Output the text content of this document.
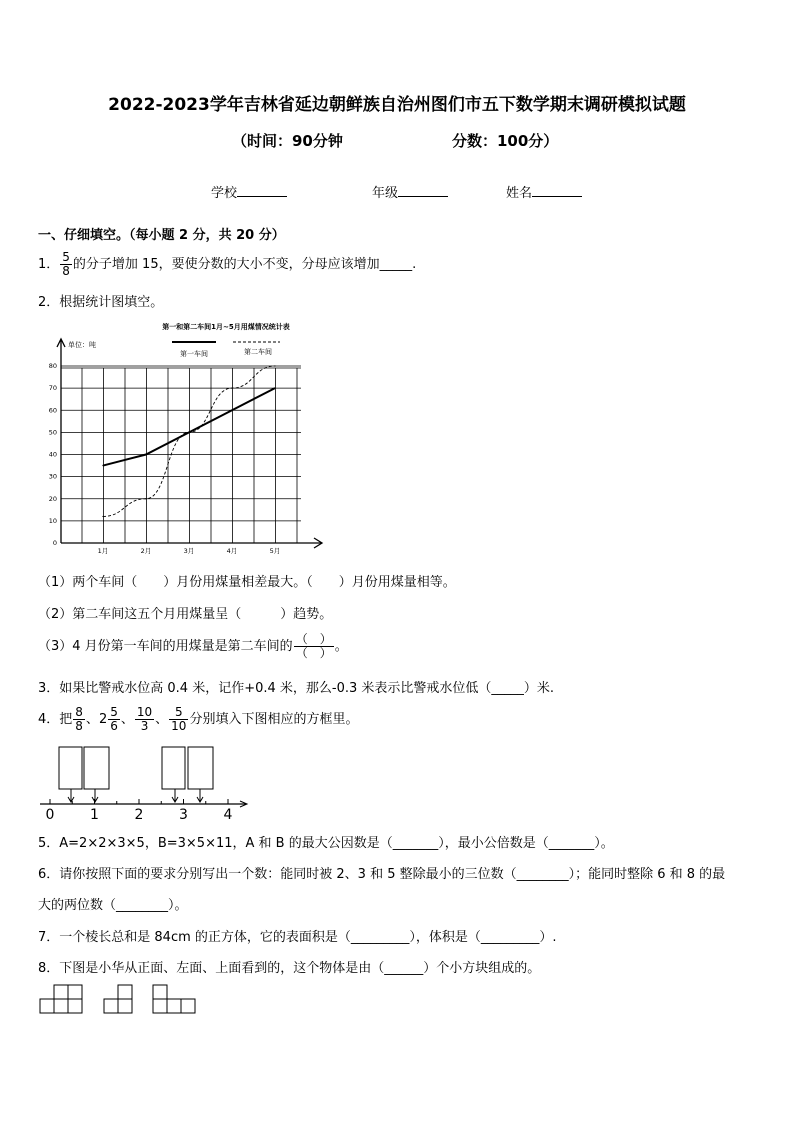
2022-2023学年吉林省延边朝鲜族自治州图们市五下数学期末调研模拟试题
（时间：90分钟	分数：100分）
学校	年级	姓名
一、仔细填空。（每小题 2 分，共 20 分）
1． $\frac{5}{8}$ 的分子增加 15，要使分数的大小不变，分母应该增加_____.
2．根据统计图填空。
第一和第二车间1月~5月用煤情况统计表
单位：吨
第一车间	第二车间
0
10
20
30
40
50
60
70
80
1月	2月	3月	4月	5月
（1）两个车间（　　）月份用煤量相差最大。（　　）月份用煤量相等。
（2）第二车间这五个月用煤量呈（　　　）趋势。
（3）4 月份第一车间的用煤量是第二车间的 $\frac{( )}{( )}$ 。
3．如果比警戒水位高 0.4 米，记作+0.4 米，那么-0.3 米表示比警戒水位低（_____）米.
4．把 $\frac{8}{8}$ 、$2 \frac{5}{6}$ 、 $\frac{10}{3}$ 、 $\frac{5}{10}$ 分别填入下图相应的方框里。
0	1	2	3	4
5．A=2×2×3×5，B=3×5×11，A 和 B 的最大公因数是（_______），最小公倍数是（_______）。
6．请你按照下面的要求分别写出一个数：能同时被 2、3 和 5 整除最小的三位数（________）；能同时整除 6 和 8 的最
大的两位数（________）。
7．一个棱长总和是 84cm 的正方体，它的表面积是（_________），体积是（_________）.
8．下图是小华从正面、左面、上面看到的，这个物体是由（______）个小方块组成的。
